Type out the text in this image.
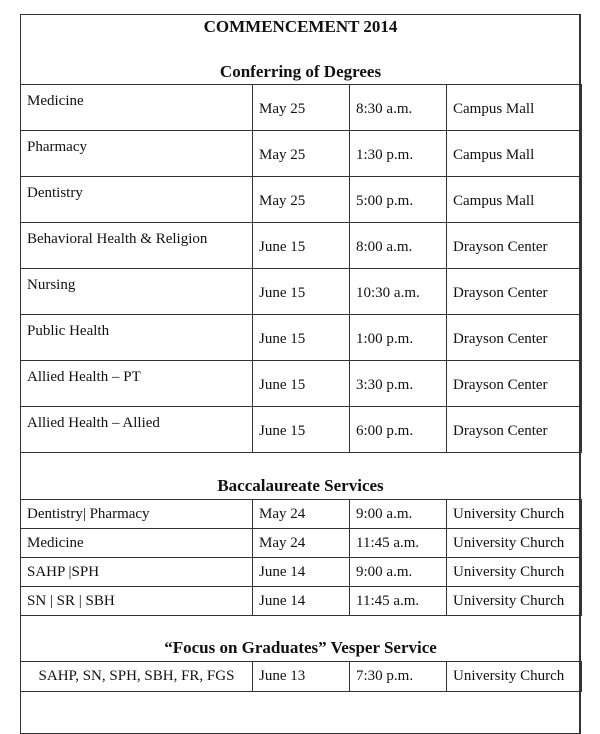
COMMENCEMENT 2014
Conferring of Degrees
Medicine	May 25	8:30 a.m.	Campus Mall
Pharmacy	May 25	1:30 p.m.	Campus Mall
Dentistry	May 25	5:00 p.m.	Campus Mall
Behavioral Health & Religion	June 15	8:00 a.m.	Drayson Center
Nursing	June 15	10:30 a.m.	Drayson Center
Public Health	June 15	1:00 p.m.	Drayson Center
Allied Health – PT	June 15	3:30 p.m.	Drayson Center
Allied Health – Allied	June 15	6:00 p.m.	Drayson Center
Baccalaureate Services
Dentistry| Pharmacy	May 24	9:00 a.m.	University Church
Medicine	May 24	11:45 a.m.	University Church
SAHP |SPH	June 14	9:00 a.m.	University Church
SN | SR | SBH	June 14	11:45 a.m.	University Church
“Focus on Graduates” Vesper Service
SAHP, SN, SPH, SBH, FR, FGS	June 13	7:30 p.m.	University Church
